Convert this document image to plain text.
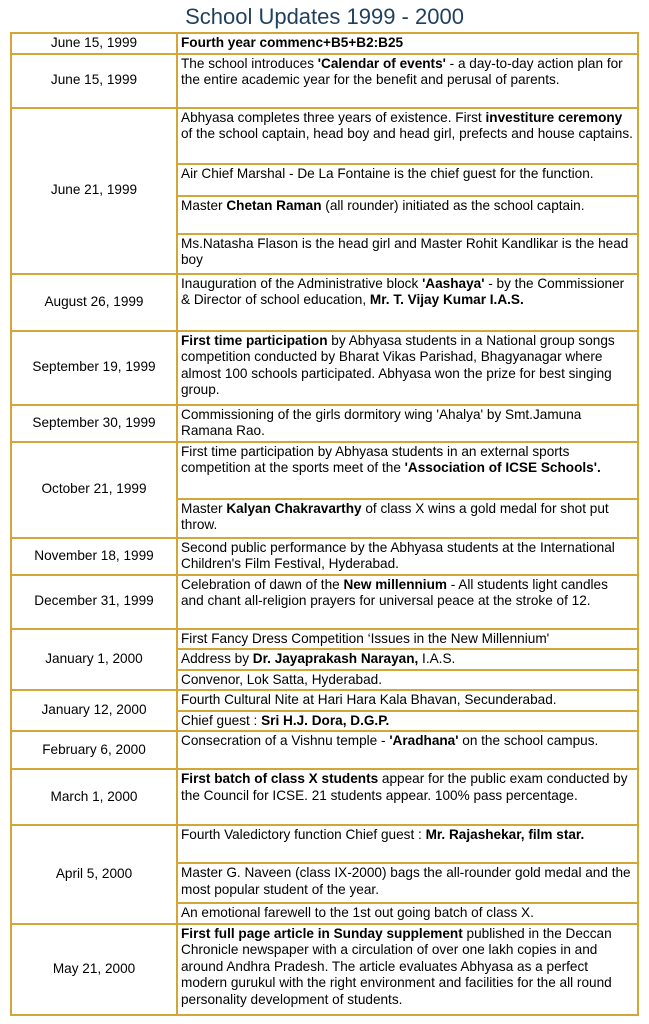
School Updates 1999 - 2000
June 15, 1999	Fourth year commenc+B5+B2:B25
June 15, 1999	The school introduces 'Calendar of events' - a day-to-day action plan for the entire academic year for the benefit and perusal of parents.
June 21, 1999	Abhyasa completes three years of existence. First investiture ceremony of the school captain, head boy and head girl, prefects and house captains.
	Air Chief Marshal - De La Fontaine is the chief guest for the function.
	Master Chetan Raman (all rounder) initiated as the school captain.
	Ms.Natasha Flason is the head girl and Master Rohit Kandlikar is the head boy
August 26, 1999	Inauguration of the Administrative block 'Aashaya' - by the Commissioner & Director of school education, Mr. T. Vijay Kumar I.A.S.
September 19, 1999	First time participation by Abhyasa students in a National group songs competition conducted by Bharat Vikas Parishad, Bhagyanagar where almost 100 schools participated. Abhyasa won the prize for best singing group.
September 30, 1999	Commissioning of the girls dormitory wing 'Ahalya' by Smt.Jamuna Ramana Rao.
October 21, 1999	First time participation by Abhyasa students in an external sports competition at the sports meet of the 'Association of ICSE Schools'.
	Master Kalyan Chakravarthy of class X wins a gold medal for shot put throw.
November 18, 1999	Second public performance by the Abhyasa students at the International Children's Film Festival, Hyderabad.
December 31, 1999	Celebration of dawn of the New millennium - All students light candles and chant all-religion prayers for universal peace at the stroke of 12.
January 1, 2000	First Fancy Dress Competition ‘Issues in the New Millennium'
	Address by Dr. Jayaprakash Narayan, I.A.S.
	Convenor, Lok Satta, Hyderabad.
January 12, 2000	Fourth Cultural Nite at Hari Hara Kala Bhavan, Secunderabad.
	Chief guest : Sri H.J. Dora, D.G.P.
February 6, 2000	Consecration of a Vishnu temple - 'Aradhana' on the school campus.
March 1, 2000	First batch of class X students appear for the public exam conducted by the Council for ICSE. 21 students appear. 100% pass percentage.
April 5, 2000	Fourth Valedictory function Chief guest : Mr. Rajashekar, film star.
	Master G. Naveen (class IX-2000) bags the all-rounder gold medal and the most popular student of the year.
	An emotional farewell to the 1st out going batch of class X.
May 21, 2000	First full page article in Sunday supplement published in the Deccan Chronicle newspaper with a circulation of over one lakh copies in and around Andhra Pradesh. The article evaluates Abhyasa as a perfect modern gurukul with the right environment and facilities for the all round personality development of students.
